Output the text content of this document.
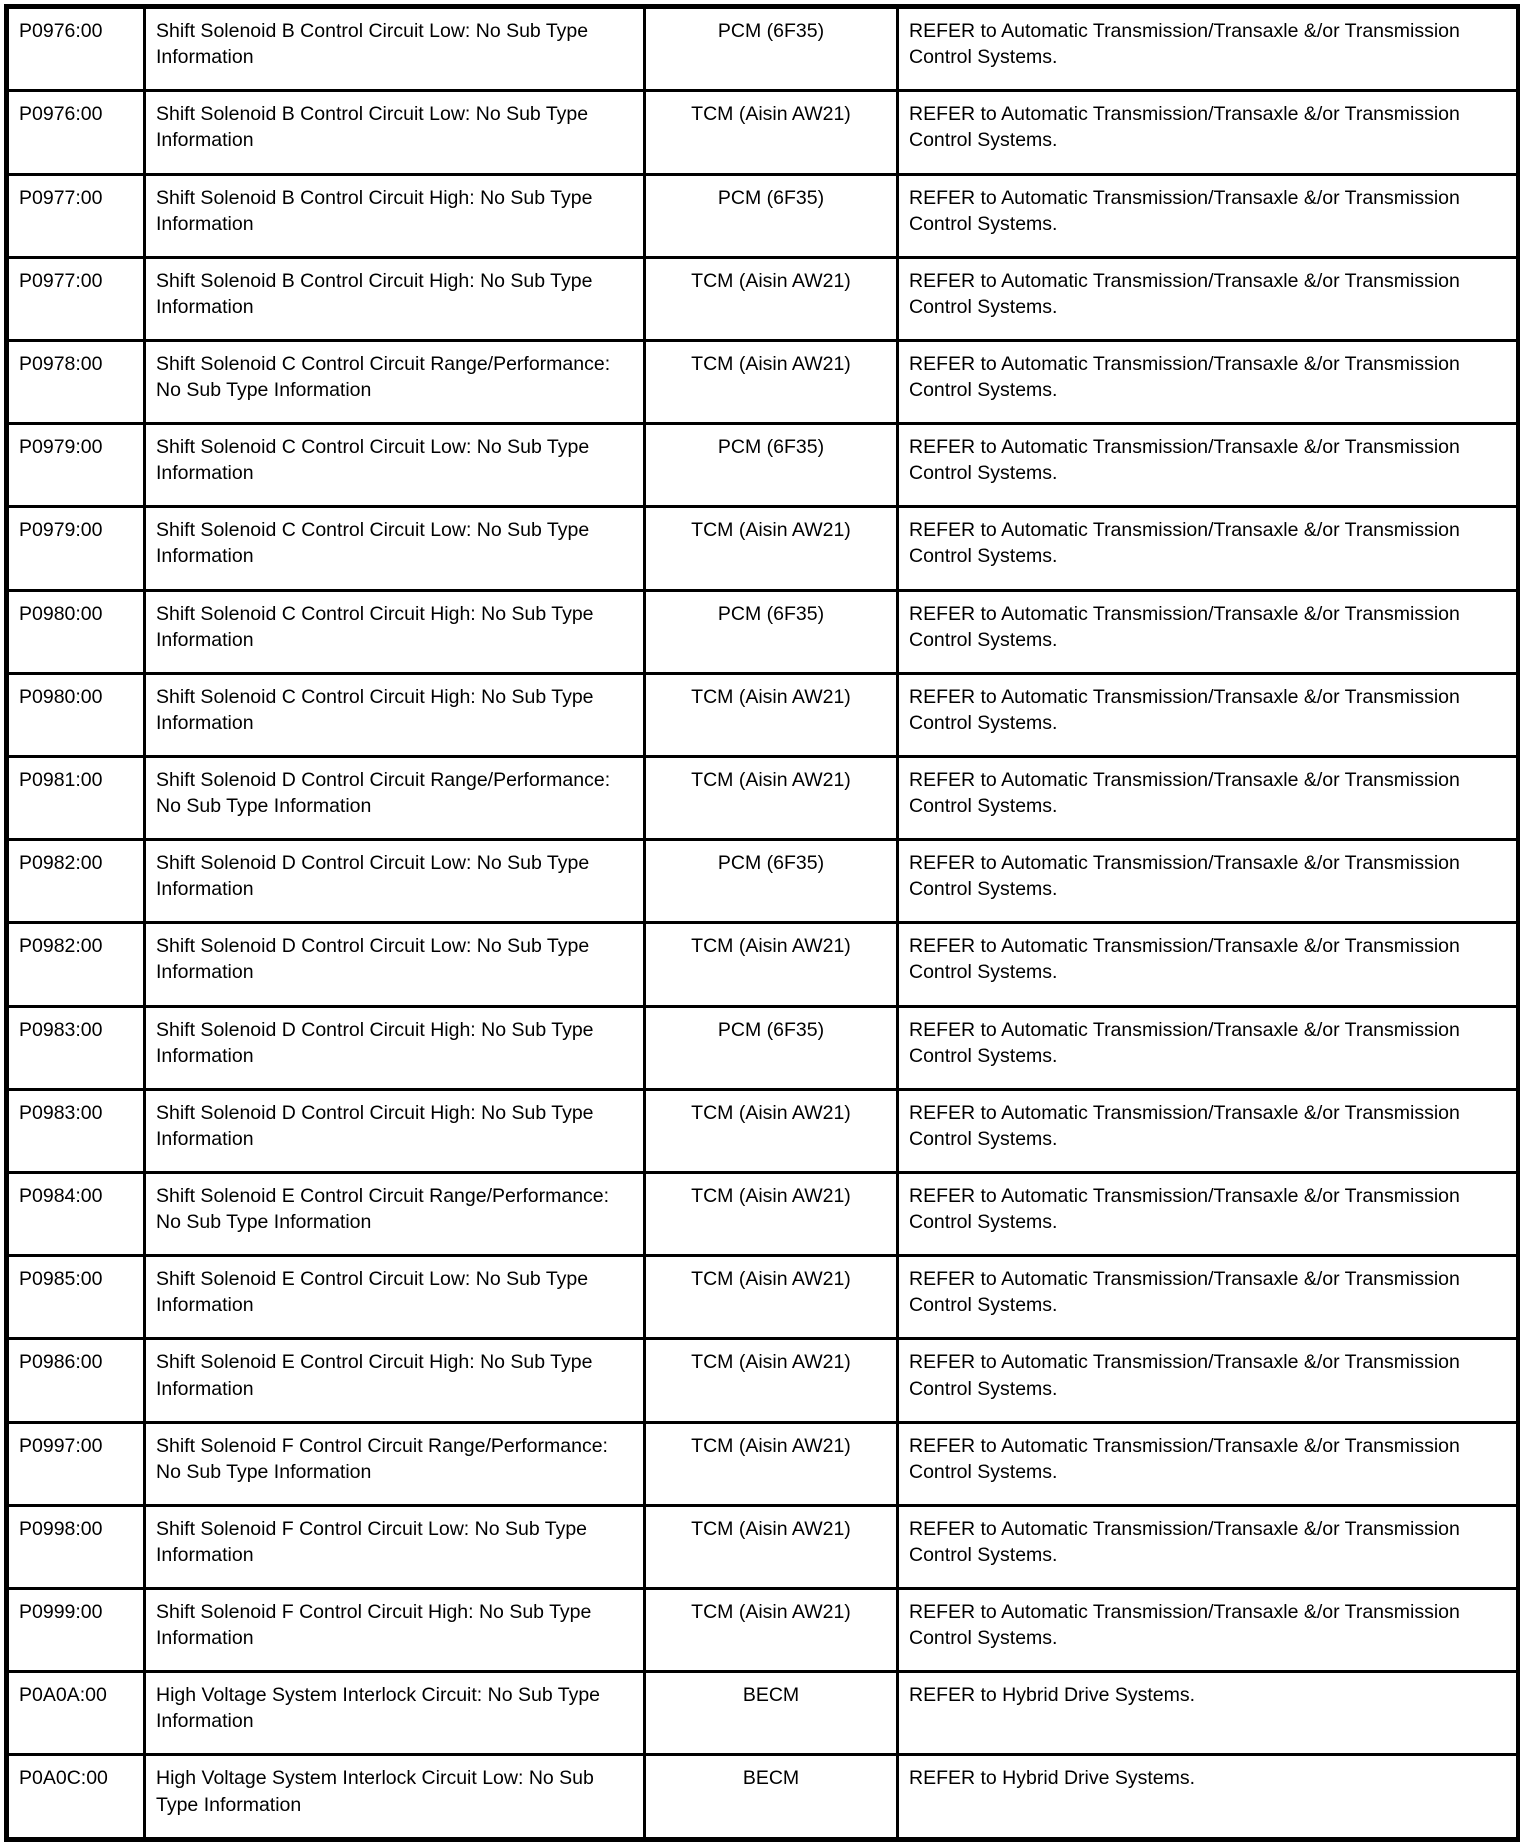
P0976:00	Shift Solenoid B Control Circuit Low: No Sub Type Information	PCM (6F35)	REFER to Automatic Transmission/Transaxle &/or Transmission Control Systems.
P0976:00	Shift Solenoid B Control Circuit Low: No Sub Type Information	TCM (Aisin AW21)	REFER to Automatic Transmission/Transaxle &/or Transmission Control Systems.
P0977:00	Shift Solenoid B Control Circuit High: No Sub Type Information	PCM (6F35)	REFER to Automatic Transmission/Transaxle &/or Transmission Control Systems.
P0977:00	Shift Solenoid B Control Circuit High: No Sub Type Information	TCM (Aisin AW21)	REFER to Automatic Transmission/Transaxle &/or Transmission Control Systems.
P0978:00	Shift Solenoid C Control Circuit Range/Performance: No Sub Type Information	TCM (Aisin AW21)	REFER to Automatic Transmission/Transaxle &/or Transmission Control Systems.
P0979:00	Shift Solenoid C Control Circuit Low: No Sub Type Information	PCM (6F35)	REFER to Automatic Transmission/Transaxle &/or Transmission Control Systems.
P0979:00	Shift Solenoid C Control Circuit Low: No Sub Type Information	TCM (Aisin AW21)	REFER to Automatic Transmission/Transaxle &/or Transmission Control Systems.
P0980:00	Shift Solenoid C Control Circuit High: No Sub Type Information	PCM (6F35)	REFER to Automatic Transmission/Transaxle &/or Transmission Control Systems.
P0980:00	Shift Solenoid C Control Circuit High: No Sub Type Information	TCM (Aisin AW21)	REFER to Automatic Transmission/Transaxle &/or Transmission Control Systems.
P0981:00	Shift Solenoid D Control Circuit Range/Performance: No Sub Type Information	TCM (Aisin AW21)	REFER to Automatic Transmission/Transaxle &/or Transmission Control Systems.
P0982:00	Shift Solenoid D Control Circuit Low: No Sub Type Information	PCM (6F35)	REFER to Automatic Transmission/Transaxle &/or Transmission Control Systems.
P0982:00	Shift Solenoid D Control Circuit Low: No Sub Type Information	TCM (Aisin AW21)	REFER to Automatic Transmission/Transaxle &/or Transmission Control Systems.
P0983:00	Shift Solenoid D Control Circuit High: No Sub Type Information	PCM (6F35)	REFER to Automatic Transmission/Transaxle &/or Transmission Control Systems.
P0983:00	Shift Solenoid D Control Circuit High: No Sub Type Information	TCM (Aisin AW21)	REFER to Automatic Transmission/Transaxle &/or Transmission Control Systems.
P0984:00	Shift Solenoid E Control Circuit Range/Performance: No Sub Type Information	TCM (Aisin AW21)	REFER to Automatic Transmission/Transaxle &/or Transmission Control Systems.
P0985:00	Shift Solenoid E Control Circuit Low: No Sub Type Information	TCM (Aisin AW21)	REFER to Automatic Transmission/Transaxle &/or Transmission Control Systems.
P0986:00	Shift Solenoid E Control Circuit High: No Sub Type Information	TCM (Aisin AW21)	REFER to Automatic Transmission/Transaxle &/or Transmission Control Systems.
P0997:00	Shift Solenoid F Control Circuit Range/Performance: No Sub Type Information	TCM (Aisin AW21)	REFER to Automatic Transmission/Transaxle &/or Transmission Control Systems.
P0998:00	Shift Solenoid F Control Circuit Low: No Sub Type Information	TCM (Aisin AW21)	REFER to Automatic Transmission/Transaxle &/or Transmission Control Systems.
P0999:00	Shift Solenoid F Control Circuit High: No Sub Type Information	TCM (Aisin AW21)	REFER to Automatic Transmission/Transaxle &/or Transmission Control Systems.
P0A0A:00	High Voltage System Interlock Circuit: No Sub Type Information	BECM	REFER to Hybrid Drive Systems.
P0A0C:00	High Voltage System Interlock Circuit Low: No Sub Type Information	BECM	REFER to Hybrid Drive Systems.
